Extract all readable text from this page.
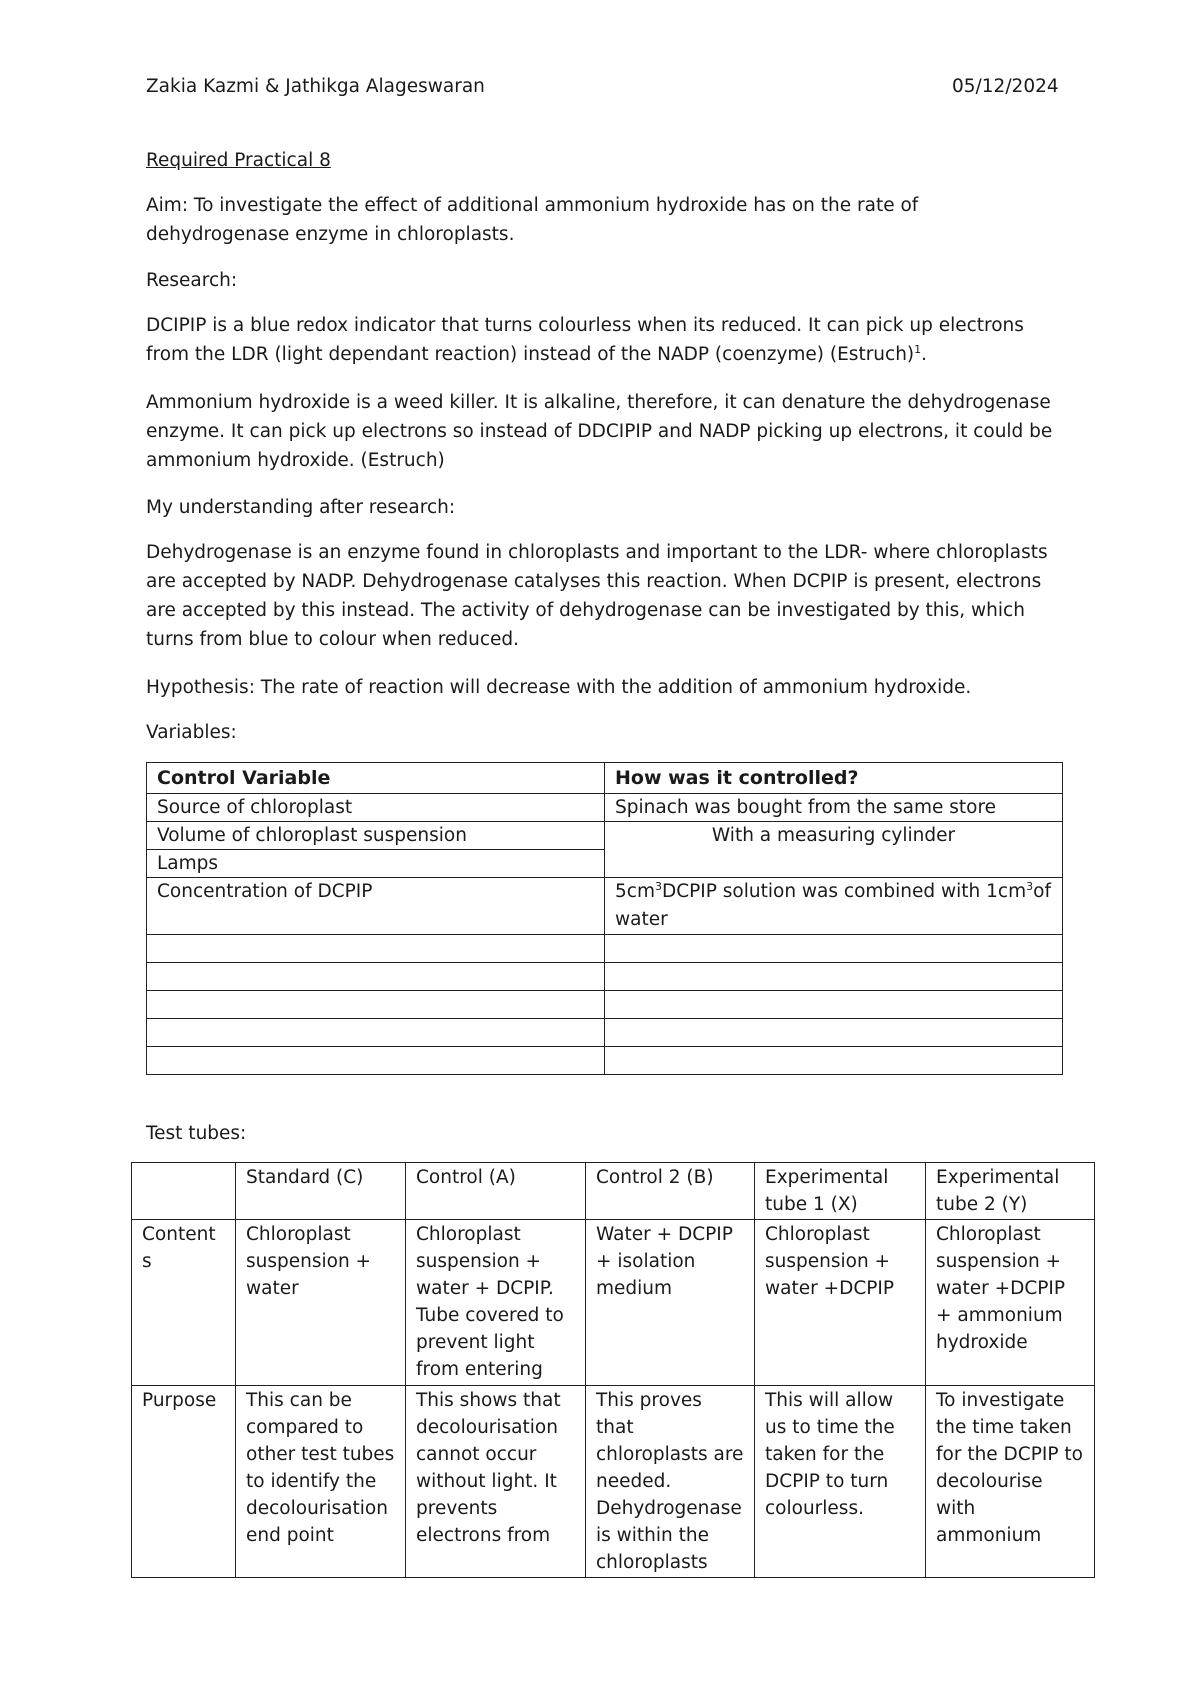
Zakia Kazmi & Jathikga Alageswaran	05/12/2024
Required Practical 8
Aim: To investigate the effect of additional ammonium hydroxide has on the rate of dehydrogenase enzyme in chloroplasts.
Research:
DCIPIP is a blue redox indicator that turns colourless when its reduced. It can pick up electrons from the LDR (light dependant reaction) instead of the NADP (coenzyme) (Estruch)$^1$.
Ammonium hydroxide is a weed killer. It is alkaline, therefore, it can denature the dehydrogenase enzyme. It can pick up electrons so instead of DDCIPIP and NADP picking up electrons, it could be ammonium hydroxide. (Estruch)
My understanding after research:
Dehydrogenase is an enzyme found in chloroplasts and important to the LDR- where chloroplasts are accepted by NADP. Dehydrogenase catalyses this reaction. When DCPIP is present, electrons are accepted by this instead. The activity of dehydrogenase can be investigated by this, which turns from blue to colour when reduced.
Hypothesis: The rate of reaction will decrease with the addition of ammonium hydroxide.
Variables:
Control Variable	How was it controlled?
Source of chloroplast	Spinach was bought from the same store
Volume of chloroplast suspension	With a measuring cylinder
Lamps	
Concentration of DCPIP	$5cm^3DCPIP$ solution was combined with $1cm^3of$ water

Test tubes:
	Standard (C)	Control (A)	Control 2 (B)	Experimental tube 1 (X)	Experimental tube 2 (Y)
Content s	Chloroplast suspension + water	Chloroplast suspension + water + DCPIP. Tube covered to prevent light from entering	Water + DCPIP + isolation medium	Chloroplast suspension + water +DCPIP	Chloroplast suspension + water +DCPIP + ammonium hydroxide
Purpose	This can be compared to other test tubes to identify the decolourisation end point	This shows that decolourisation cannot occur without light. It prevents electrons from	This proves that chloroplasts are needed. Dehydrogenase is within the chloroplasts	This will allow us to time the taken for the DCPIP to turn colourless.	To investigate the time taken for the DCPIP to decolourise with ammonium
